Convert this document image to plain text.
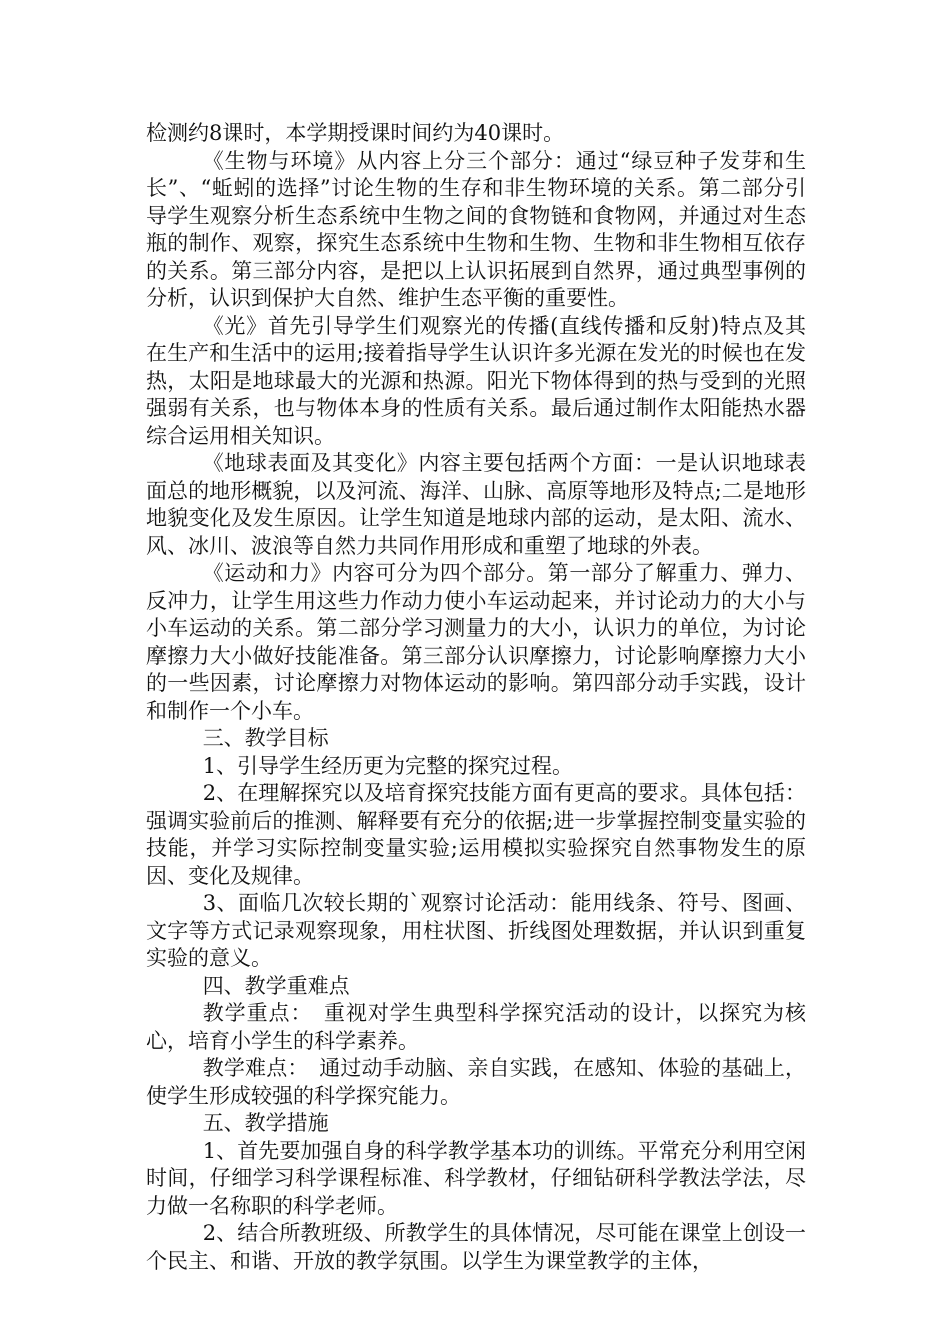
检测约8课时，本学期授课时间约为40课时。

《生物与环境》从内容上分三个部分：通过“绿豆种子发芽和生长”、“蚯蚓的选择”讨论生物的生存和非生物环境的关系。第二部分引导学生观察分析生态系统中生物之间的食物链和食物网，并通过对生态瓶的制作、观察，探究生态系统中生物和生物、生物和非生物相互依存的关系。第三部分内容，是把以上认识拓展到自然界，通过典型事例的分析，认识到保护大自然、维护生态平衡的重要性。

《光》首先引导学生们观察光的传播(直线传播和反射)特点及其在生产和生活中的运用;接着指导学生认识许多光源在发光的时候也在发热，太阳是地球最大的光源和热源。阳光下物体得到的热与受到的光照强弱有关系，也与物体本身的性质有关系。最后通过制作太阳能热水器综合运用相关知识。

《地球表面及其变化》内容主要包括两个方面：一是认识地球表面总的地形概貌，以及河流、海洋、山脉、高原等地形及特点;二是地形地貌变化及发生原因。让学生知道是地球内部的运动，是太阳、流水、风、冰川、波浪等自然力共同作用形成和重塑了地球的外表。

《运动和力》内容可分为四个部分。第一部分了解重力、弹力、反冲力，让学生用这些力作动力使小车运动起来，并讨论动力的大小与小车运动的关系。第二部分学习测量力的大小，认识力的单位，为讨论摩擦力大小做好技能准备。第三部分认识摩擦力，讨论影响摩擦力大小的一些因素，讨论摩擦力对物体运动的影响。第四部分动手实践，设计和制作一个小车。

三、教学目标

1、引导学生经历更为完整的探究过程。

2、在理解探究以及培育探究技能方面有更高的要求。具体包括：强调实验前后的推测、解释要有充分的依据;进一步掌握控制变量实验的技能，并学习实际控制变量实验;运用模拟实验探究自然事物发生的原因、变化及规律。

3、面临几次较长期的`观察讨论活动：能用线条、符号、图画、文字等方式记录观察现象，用柱状图、折线图处理数据，并认识到重复实验的意义。

四、教学重难点

教学重点：　重视对学生典型科学探究活动的设计，以探究为核心，培育小学生的科学素养。

教学难点：　通过动手动脑、亲自实践，在感知、体验的基础上，使学生形成较强的科学探究能力。

五、教学措施

1、首先要加强自身的科学教学基本功的训练。平常充分利用空闲时间，仔细学习科学课程标准、科学教材，仔细钻研科学教法学法，尽力做一名称职的科学老师。

2、结合所教班级、所教学生的具体情况，尽可能在课堂上创设一个民主、和谐、开放的教学氛围。以学生为课堂教学的主体，
